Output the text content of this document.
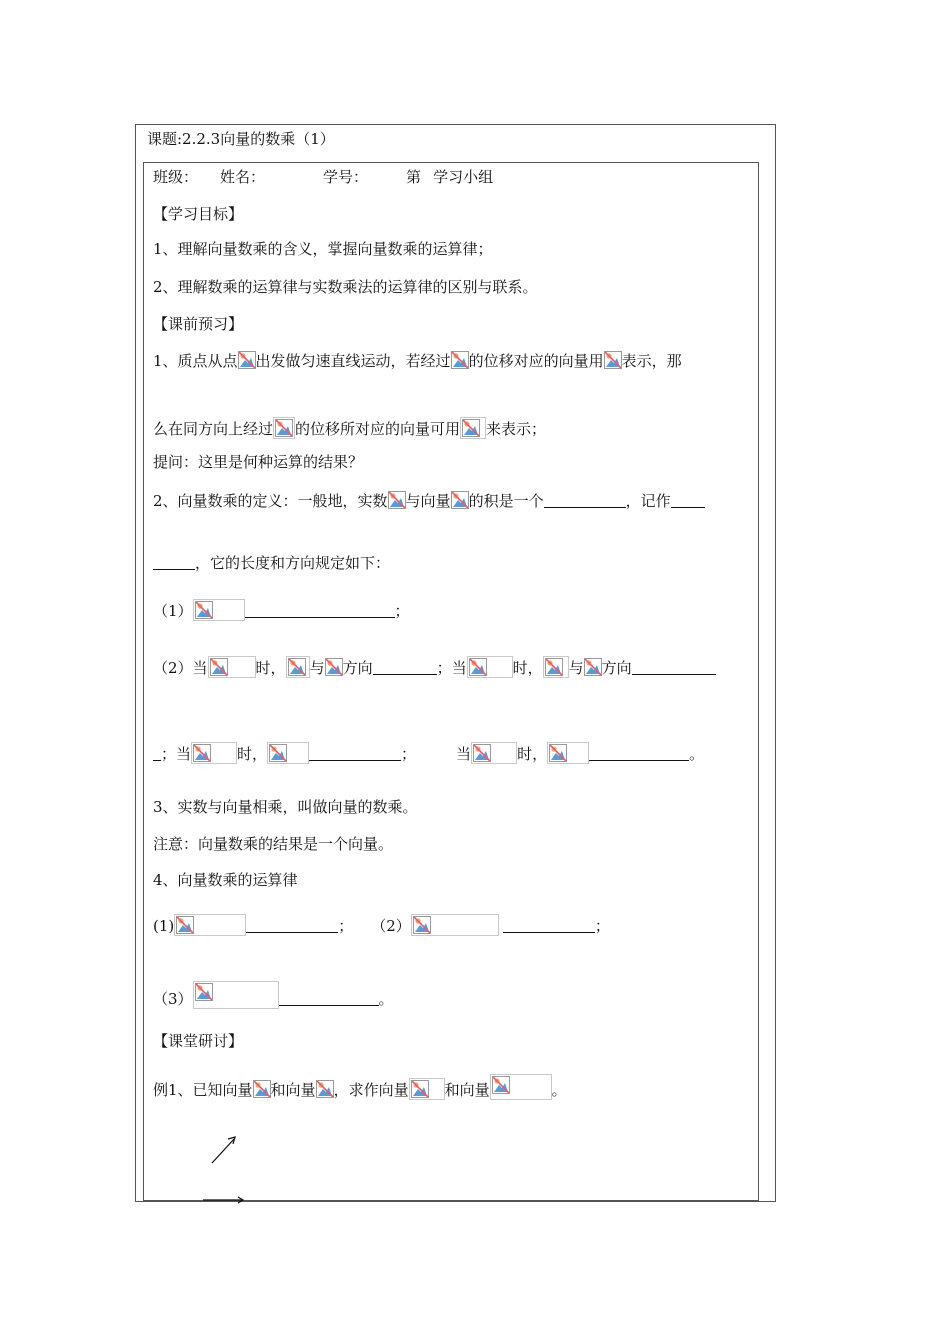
课题:2.2.3向量的数乘（1）
班级： 姓名：	学号：	第 学习小组
【学习目标】
1、理解向量数乘的含义，掌握向量数乘的运算律；
2、理解数乘的运算律与实数乘法的运算律的区别与联系。
【课前预习】
1、质点从点 出发做匀速直线运动，若经过 的位移对应的向量用 表示，那
么在同方向上经过 的位移所对应的向量可用 来表示；
提问：这里是何种运算的结果？
2、向量数乘的定义：一般地，实数 与向量 的积是一个	，记作
，它的长度和方向规定如下：
（1）	；
（2）当	时， 与 方向	；当	时， 与 方向
；当	时，	；	当	时，	。
3、实数与向量相乘，叫做向量的数乘。
注意：向量数乘的结果是一个向量。
4、向量数乘的运算律
(1)	； （2）	；
（3）	。
【课堂研讨】
例1、已知向量 和向量 ，求作向量 和向量	。
